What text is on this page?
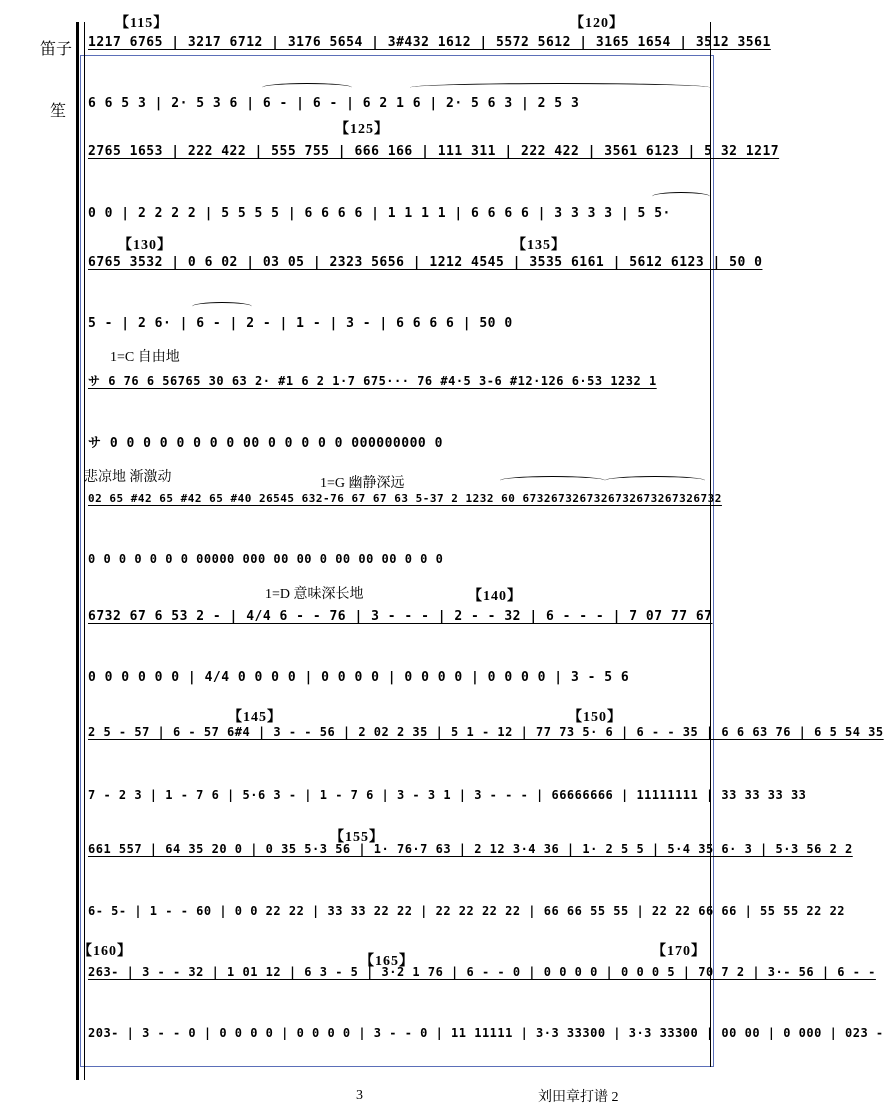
笛子
笙
【115】	【120】
【125】
【130】	【135】
【140】
【145】	【150】
【155】
【160】
【165】
【170】
1=C 自由地
悲凉地 渐激动	1=G 幽静深远
1=D 意味深长地
1217 6765 | 3217 6712 | 3176 5654 | 3#432 1612 | 5572 5612 | 3165 1654 | 3512 3561
6 6 5 3 | 2· 5 3 6 | 6 - | 6 - | 6 2 1 6 | 2· 5 6 3 | 2 5 3
2765 1653 | 222 422 | 555 755 | 666 166 | 111 311 | 222 422 | 3561 6123 | 5 32 1217
0 0 | 2 2 2 2 | 5 5 5 5 | 6 6 6 6 | 1 1 1 1 | 6 6 6 6 | 3 3 3 3 | 5 5·
6765 3532 | 0 6 02 | 03 05 | 2323 5656 | 1212 4545 | 3535 6161 | 5612 6123 | 50 0
5 - | 2 6· | 6 - | 2 - | 1 - | 3 - | 6 6 6 6 | 50 0
サ 6 76 6 56765 30 63 2· #1 6 2 1·7 675··· 76 #4·5 3-6 #12·126 6·53 1232 1
サ 0 0 0 0 0 0 0 0 00 0 0 0 0 0 000000000 0
02 65 #42 65 #42 65 #40 26545 632-76 67 67 63 5-37 2 1232 60 6732673267326732673267326732
0 0 0 0 0 0 0 00000 000 00 00 0 00 00 00 0 0 0
6732 67 6 53 2 - | 4/4 6 - - 76 | 3 - - - | 2 - - 32 | 6 - - - | 7 07 77 67
0 0 0 0 0 0 | 4/4 0 0 0 0 | 0 0 0 0 | 0 0 0 0 | 0 0 0 0 | 3 - 5 6
2 5 - 57 | 6 - 57 6#4 | 3 - - 56 | 2 02 2 35 | 5 1 - 12 | 77 73 5· 6 | 6 - - 35 | 6 6 63 76 | 6 5 54 35
7 - 2 3 | 1 - 7 6 | 5·6 3 - | 1 - 7 6 | 3 - 3 1 | 3 - - - | 66666666 | 11111111 | 33 33 33 33
661 557 | 64 35 20 0 | 0 35 5·3 56 | 1· 76·7 63 | 2 12 3·4 36 | 1· 2 5 5 | 5·4 35 6· 3 | 5·3 56 2 2
6- 5- | 1 - - 60 | 0 0 22 22 | 33 33 22 22 | 22 22 22 22 | 66 66 55 55 | 22 22 66 66 | 55 55 22 22
263- | 3 - - 32 | 1 01 12 | 6 3 - 5 | 3·2 1 76 | 6 - - 0 | 0 0 0 0 | 0 0 0 5 | 70 7 2 | 3·- 56 | 6 - -
203- | 3 - - 0 | 0 0 0 0 | 0 0 0 0 | 3 - - 0 | 11 11111 | 3·3 33300 | 3·3 33300 | 00 00 | 0 000 | 023 -
3	刘田章打谱 2
